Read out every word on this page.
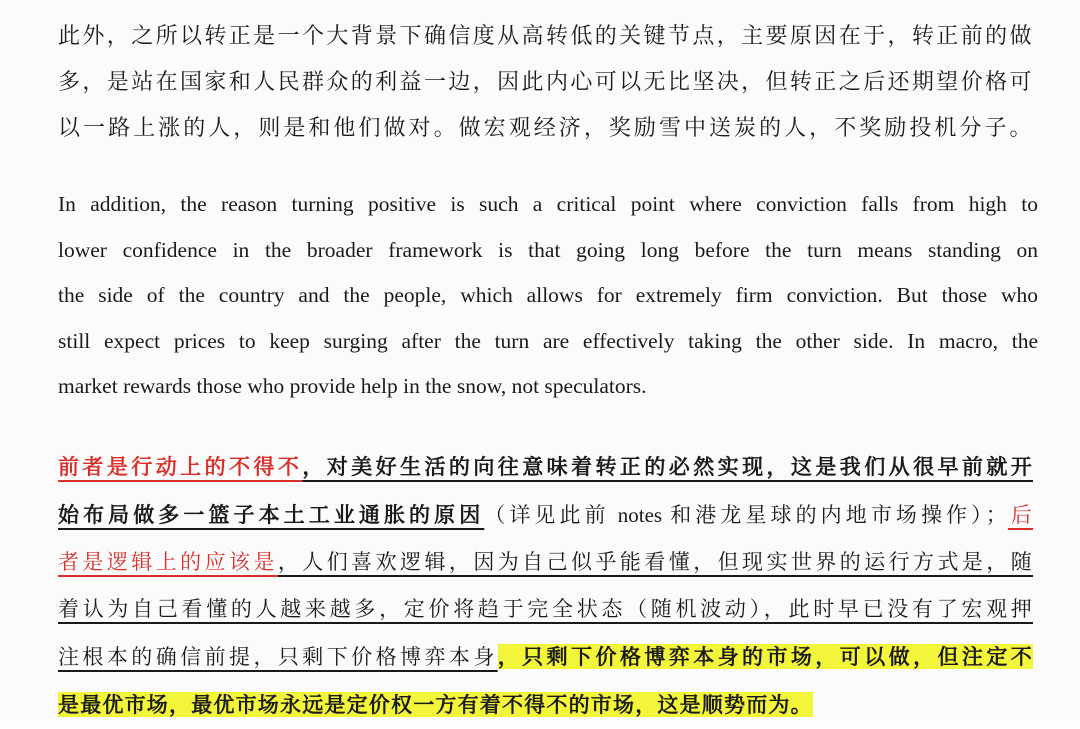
此外，之所以转正是一个大背景下确信度从高转低的关键节点，主要原因在于，转正前的做
多，是站在国家和人民群众的利益一边，因此内心可以无比坚决，但转正之后还期望价格可
以一路上涨的人，则是和他们做对。做宏观经济，奖励雪中送炭的人，不奖励投机分子。
In addition, the reason turning positive is such a critical point where conviction falls from high to
lower confidence in the broader framework is that going long before the turn means standing on
the side of the country and the people, which allows for extremely firm conviction. But those who
still expect prices to keep surging after the turn are effectively taking the other side. In macro, the
market rewards those who provide help in the snow, not speculators.
前者是行动上的不得不，对美好生活的向往意味着转正的必然实现，这是我们从很早前就开
始布局做多一篮子本土工业通胀的原因（详见此前 notes 和港龙星球的内地市场操作）；后
者是逻辑上的应该是，人们喜欢逻辑，因为自己似乎能看懂，但现实世界的运行方式是，随
着认为自己看懂的人越来越多，定价将趋于完全状态（随机波动），此时早已没有了宏观押
注根本的确信前提，只剩下价格博弈本身，只剩下价格博弈本身的市场，可以做，但注定不
是最优市场，最优市场永远是定价权一方有着不得不的市场，这是顺势而为。
